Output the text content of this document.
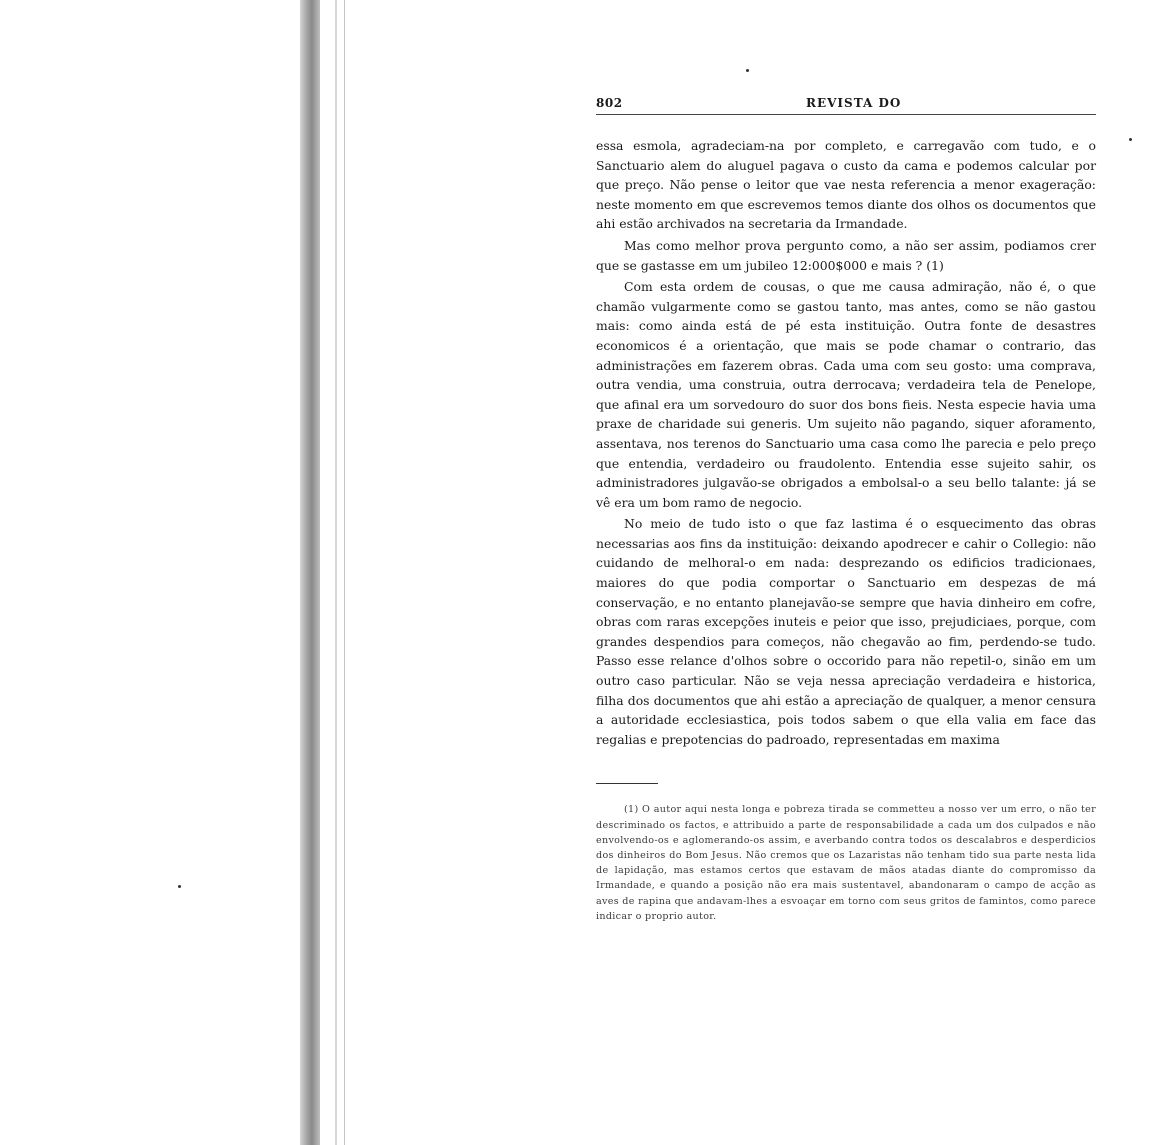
802	REVISTA DO

essa esmola, agradeciam-na por completo, e carregavão com tudo, e o Sanctuario alem do aluguel pagava o custo da cama e podemos calcular por que preço. Não pense o leitor que vae nesta referencia a menor exageração: neste momento em que escrevemos temos diante dos olhos os documentos que ahi estão archivados na secretaria da Irmandade.

Mas como melhor prova pergunto como, a não ser assim, podiamos crer que se gastasse em um jubileo 12:000$000 e mais ? (1)

Com esta ordem de cousas, o que me causa admiração, não é, o que chamão vulgarmente como se gastou tanto, mas antes, como se não gastou mais: como ainda está de pé esta instituição. Outra fonte de desastres economicos é a orientação, que mais se pode chamar o contrario, das administrações em fazerem obras. Cada uma com seu gosto: uma comprava, outra vendia, uma construia, outra derrocava; verdadeira tela de Penelope, que afinal era um sorvedouro do suor dos bons fieis. Nesta especie havia uma praxe de charidade sui generis. Um sujeito não pagando, siquer aforamento, assentava, nos terenos do Sanctuario uma casa como lhe parecia e pelo preço que entendia, verdadeiro ou fraudolento. Entendia esse sujeito sahir, os administradores julgavão-se obrigados a embolsal-o a seu bello talante: já se vê era um bom ramo de negocio.

No meio de tudo isto o que faz lastima é o esquecimento das obras necessarias aos fins da instituição: deixando apodrecer e cahir o Collegio: não cuidando de melhoral-o em nada: desprezando os edificios tradicionaes, maiores do que podia comportar o Sanctuario em despezas de má conservação, e no entanto planejavão-se sempre que havia dinheiro em cofre, obras com raras excepções inuteis e peior que isso, prejudiciaes, porque, com grandes despendios para começos, não chegavão ao fim, perdendo-se tudo. Passo esse relance d'olhos sobre o occorido para não repetil-o, sinão em um outro caso particular. Não se veja nessa apreciação verdadeira e historica, filha dos documentos que ahi estão a apreciação de qualquer, a menor censura a autoridade ecclesiastica, pois todos sabem o que ella valia em face das regalias e prepotencias do padroado, representadas em maxima

(1) O autor aqui nesta longa e pobreza tirada se commetteu a nosso ver um erro, o não ter descriminado os factos, e attribuido a parte de responsabilidade a cada um dos culpados e não envolvendo-os e aglomerando-os assim, e averbando contra todos os descalabros e desperdicios dos dinheiros do Bom Jesus. Não cremos que os Lazaristas não tenham tido sua parte nesta lida de lapidação, mas estamos certos que estavam de mãos atadas diante do compromisso da Irmandade, e quando a posição não era mais sustentavel, abandonaram o campo de acção as aves de rapina que andavam-lhes a esvoaçar em torno com seus gritos de famintos, como parece indicar o proprio autor.
